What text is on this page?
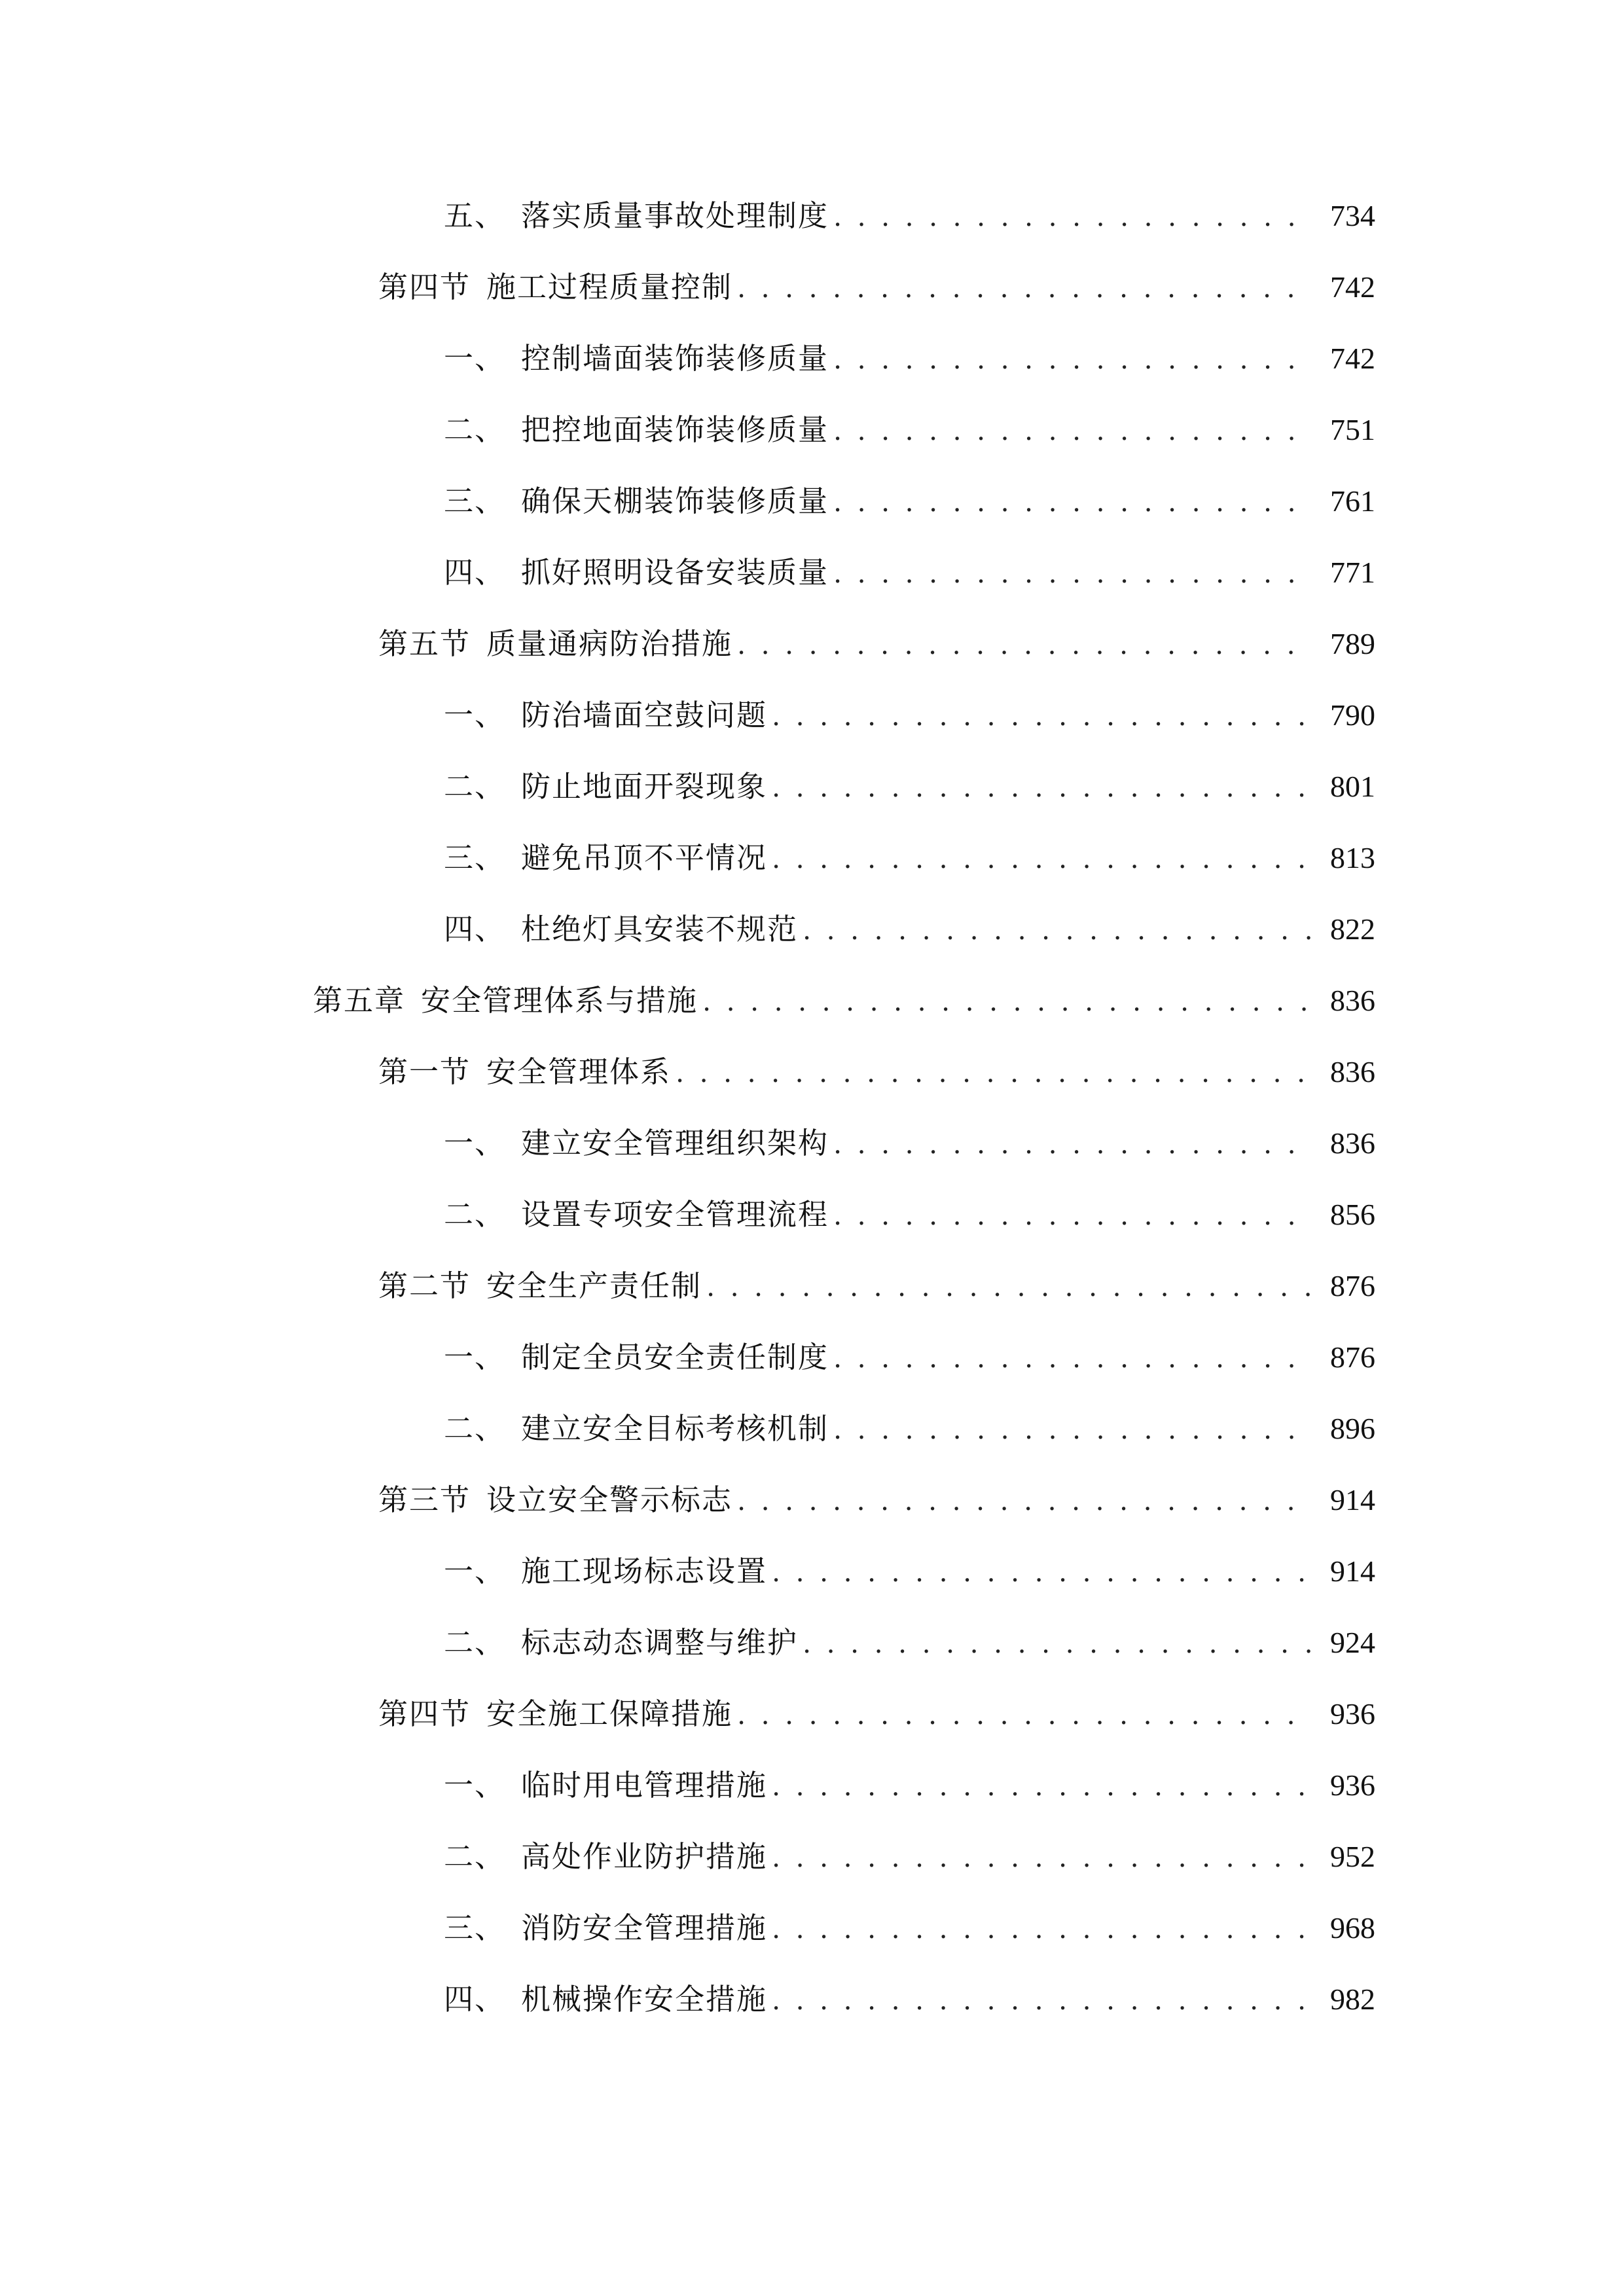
五、 落实质量事故处理制度 . . .	734
第四节 施工过程质量控制 . . .	742
一、 控制墙面装饰装修质量 . . .	742
二、 把控地面装饰装修质量 . . .	751
三、 确保天棚装饰装修质量 . . .	761
四、 抓好照明设备安装质量 . . .	771
第五节 质量通病防治措施 . . .	789
一、 防治墙面空鼓问题 . . .	790
二、 防止地面开裂现象 . . .	801
三、 避免吊顶不平情况 . . .	813
四、 杜绝灯具安装不规范 . . .	822
第五章 安全管理体系与措施 . . .	836
第一节 安全管理体系 . . .	836
一、 建立安全管理组织架构 . . .	836
二、 设置专项安全管理流程 . . .	856
第二节 安全生产责任制 . . .	876
一、 制定全员安全责任制度 . . .	876
二、 建立安全目标考核机制 . . .	896
第三节 设立安全警示标志 . . .	914
一、 施工现场标志设置 . . .	914
二、 标志动态调整与维护 . . .	924
第四节 安全施工保障措施 . . .	936
一、 临时用电管理措施 . . .	936
二、 高处作业防护措施 . . .	952
三、 消防安全管理措施 . . .	968
四、 机械操作安全措施 . . .	982
